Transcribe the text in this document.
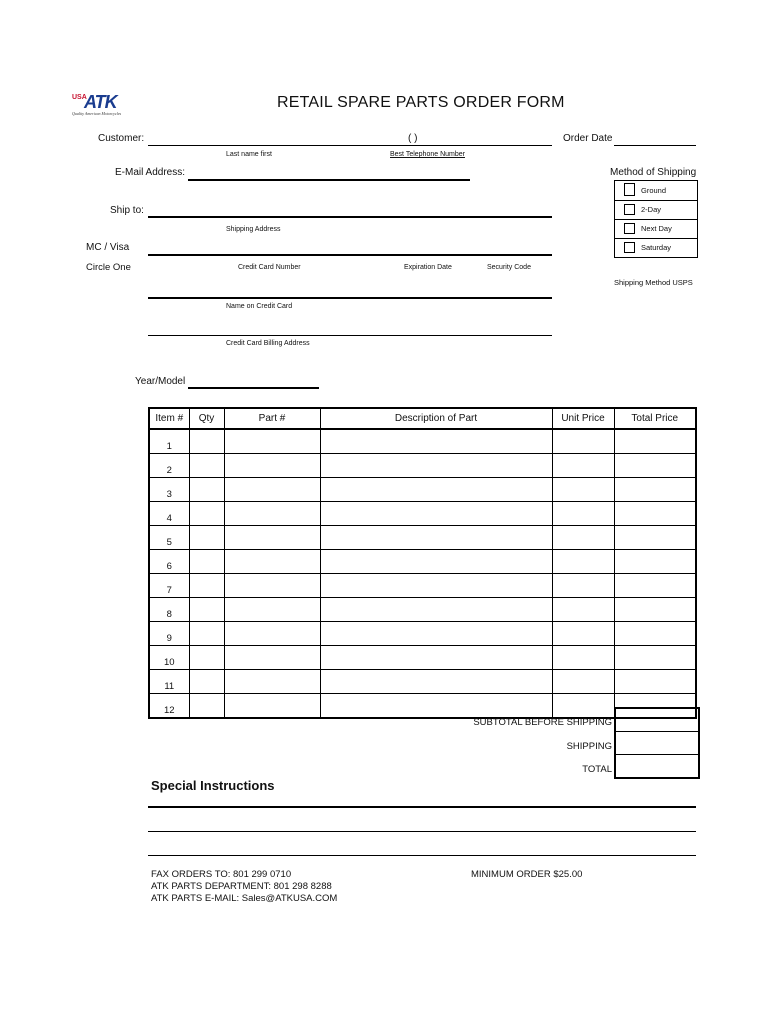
USA
ATK
Quality American Motorcycles
RETAIL SPARE PARTS ORDER FORM
Customer:	( )
Last name first	Best Telephone Number
Order Date
E-Mail Address:	Method of Shipping
Ground
2-Day
Next Day
Saturday
Shipping Method USPS
Ship to:
Shipping Address
MC / Visa
Circle One	Credit Card Number	Expiration Date	Security Code
Name on Credit Card
Credit Card Billing Address
Year/Model
Item #	Qty	Part #	Description of Part	Unit Price	Total Price
1					
2					
3					
4					
5					
6					
7					
8					
9					
10					
11					
12					
SUBTOTAL BEFORE SHIPPING
SHIPPING
TOTAL

Special Instructions
FAX ORDERS TO: 801 299 0710
ATK PARTS DEPARTMENT: 801 298 8288
ATK PARTS E-MAIL: Sales@ATKUSA.COM
MINIMUM ORDER $25.00
